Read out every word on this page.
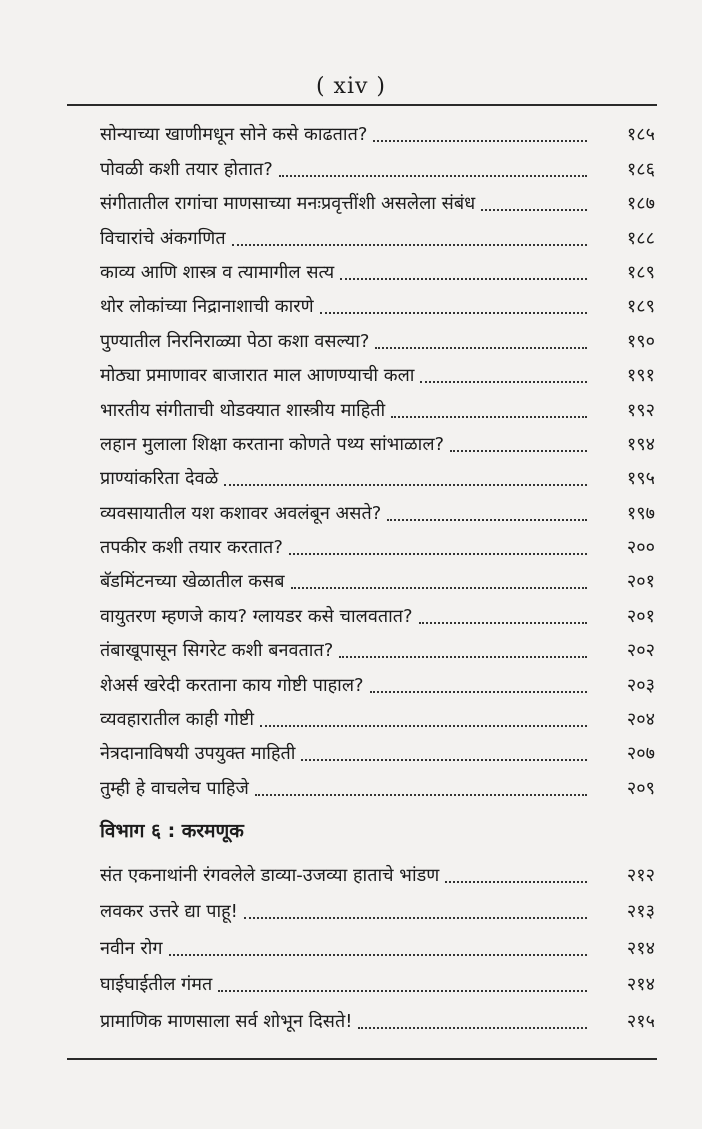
( xiv )
सोन्याच्या खाणीमधून सोने कसे काढतात?	१८५
पोवळी कशी तयार होतात?	१८६
संगीतातील रागांचा माणसाच्या मनःप्रवृत्तींशी असलेला संबंध	१८७
विचारांचे अंकगणित	१८८
काव्य आणि शास्त्र व त्यामागील सत्य	१८९
थोर लोकांच्या निद्रानाशाची कारणे	१८९
पुण्यातील निरनिराळ्या पेठा कशा वसल्या?	१९०
मोठ्या प्रमाणावर बाजारात माल आणण्याची कला	१९१
भारतीय संगीताची थोडक्यात शास्त्रीय माहिती	१९२
लहान मुलाला शिक्षा करताना कोणते पथ्य सांभाळाल?	१९४
प्राण्यांकरिता देवळे	१९५
व्यवसायातील यश कशावर अवलंबून असते?	१९७
तपकीर कशी तयार करतात?	२००
बॅडमिंटनच्या खेळातील कसब	२०१
वायुतरण म्हणजे काय? ग्लायडर कसे चालवतात?	२०१
तंबाखूपासून सिगरेट कशी बनवतात?	२०२
शेअर्स खरेदी करताना काय गोष्टी पाहाल?	२०३
व्यवहारातील काही गोष्टी	२०४
नेत्रदानाविषयी उपयुक्त माहिती	२०७
तुम्ही हे वाचलेच पाहिजे	२०९
विभाग ६ : करमणूक
संत एकनाथांनी रंगवलेले डाव्या-उजव्या हाताचे भांडण	२१२
लवकर उत्तरे द्या पाहू!	२१३
नवीन रोग	२१४
घाईघाईतील गंमत	२१४
प्रामाणिक माणसाला सर्व शोभून दिसते!	२१५
